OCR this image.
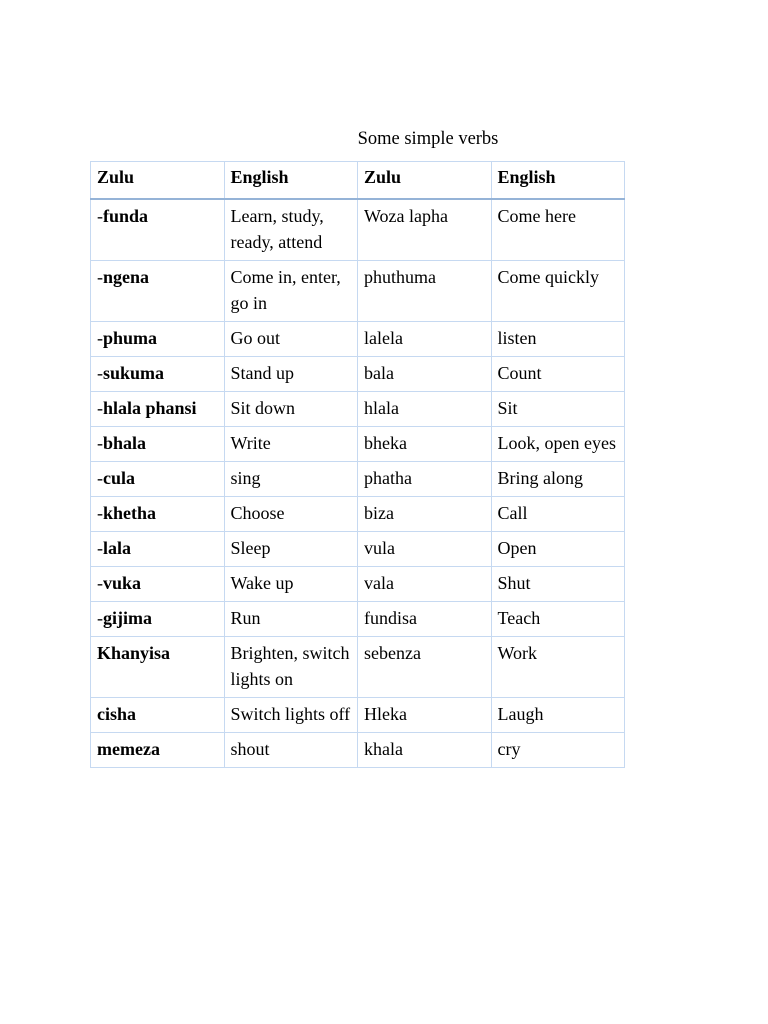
Some simple verbs
Zulu	English	Zulu	English
-funda	Learn, study, ready, attend	Woza lapha	Come here
-ngena	Come in, enter, go in	phuthuma	Come quickly
-phuma	Go out	lalela	listen
-sukuma	Stand up	bala	Count
-hlala phansi	Sit down	hlala	Sit
-bhala	Write	bheka	Look, open eyes
-cula	sing	phatha	Bring along
-khetha	Choose	biza	Call
-lala	Sleep	vula	Open
-vuka	Wake up	vala	Shut
-gijima	Run	fundisa	Teach
Khanyisa	Brighten, switch lights on	sebenza	Work
cisha	Switch lights off	Hleka	Laugh
memeza	shout	khala	cry
